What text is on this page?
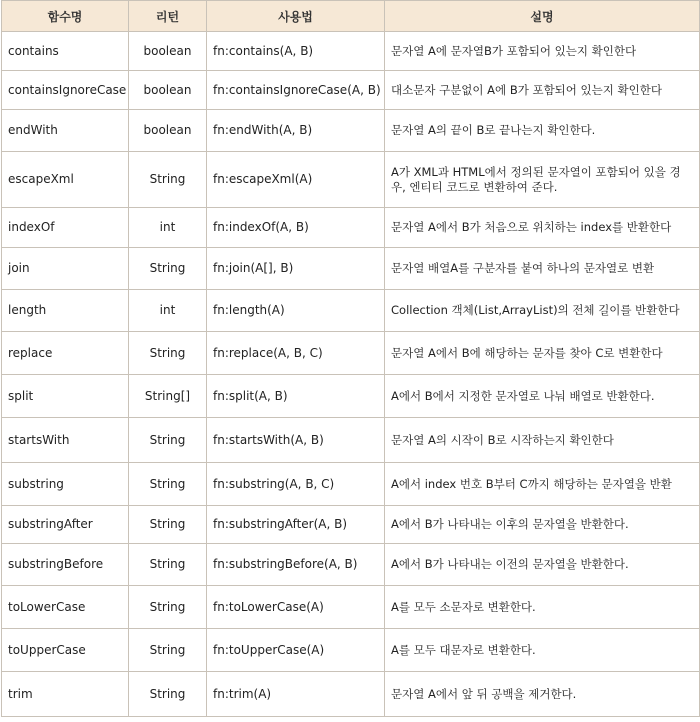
함수명	리턴	사용법	설명
contains	boolean	fn:contains(A, B)	문자열 A에 문자열B가 포함되어 있는지 확인한다
containsIgnoreCase	boolean	fn:containsIgnoreCase(A, B)	대소문자 구분없이 A에 B가 포함되어 있는지 확인한다
endWith	boolean	fn:endWith(A, B)	문자열 A의 끝이 B로 끝나는지 확인한다.
escapeXml	String	fn:escapeXml(A)	A가 XML과 HTML에서 정의된 문자열이 포함되어 있을 경우, 엔티티 코드로 변환하여 준다.
indexOf	int	fn:indexOf(A, B)	문자열 A에서 B가 처음으로 위치하는 index를 반환한다
join	String	fn:join(A[], B)	문자열 배열A를 구분자를 붙여 하나의 문자열로 변환
length	int	fn:length(A)	Collection 객체(List,ArrayList)의 전체 길이를 반환한다
replace	String	fn:replace(A, B, C)	문자열 A에서 B에 해당하는 문자를 찾아 C로 변환한다
split	String[]	fn:split(A, B)	A에서 B에서 지정한 문자열로 나눠 배열로 반환한다.
startsWith	String	fn:startsWith(A, B)	문자열 A의 시작이 B로 시작하는지 확인한다
substring	String	fn:substring(A, B, C)	A에서 index 번호 B부터 C까지 해당하는 문자열을 반환
substringAfter	String	fn:substringAfter(A, B)	A에서 B가 나타내는 이후의 문자열을 반환한다.
substringBefore	String	fn:substringBefore(A, B)	A에서 B가 나타내는 이전의 문자열을 반환한다.
toLowerCase	String	fn:toLowerCase(A)	A를 모두 소문자로 변환한다.
toUpperCase	String	fn:toUpperCase(A)	A를 모두 대문자로 변환한다.
trim	String	fn:trim(A)	문자열 A에서 앞 뒤 공백을 제거한다.
